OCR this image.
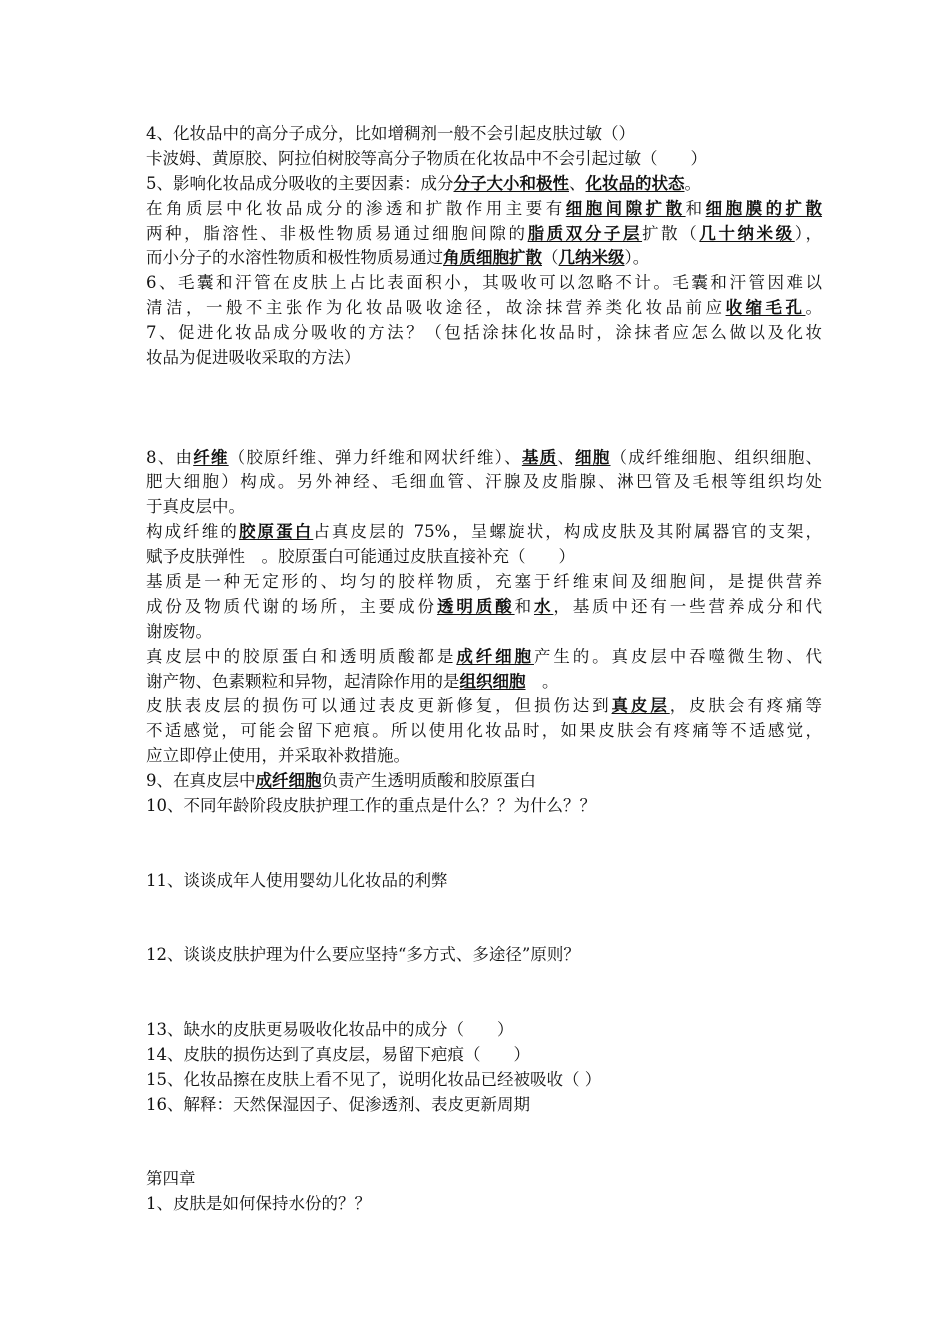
4、化妆品中的高分子成分，比如增稠剂一般不会引起皮肤过敏（）
卡波姆、黄原胶、阿拉伯树胶等高分子物质在化妆品中不会引起过敏（　　）
5、影响化妆品成分吸收的主要因素：成分分子大小和极性、化妆品的状态。
在角质层中化妆品成分的渗透和扩散作用主要有细胞间隙扩散和细胞膜的扩散
两种，脂溶性、非极性物质易通过细胞间隙的脂质双分子层扩散（几十纳米级），
而小分子的水溶性物质和极性物质易通过角质细胞扩散（几纳米级）。
6、毛囊和汗管在皮肤上占比表面积小，其吸收可以忽略不计。毛囊和汗管因难以
清洁，一般不主张作为化妆品吸收途径，故涂抹营养类化妆品前应收缩毛孔。
7、促进化妆品成分吸收的方法？（包括涂抹化妆品时，涂抹者应怎么做以及化妆
妆品为促进吸收采取的方法）
8、由纤维（胶原纤维、弹力纤维和网状纤维）、基质、细胞（成纤维细胞、组织细胞、
肥大细胞）构成。另外神经、毛细血管、汗腺及皮脂腺、淋巴管及毛根等组织均处
于真皮层中。
构成纤维的胶原蛋白占真皮层的 75%，呈螺旋状，构成皮肤及其附属器官的支架，
赋予皮肤弹性　。胶原蛋白可能通过皮肤直接补充（　　）
基质是一种无定形的、均匀的胶样物质，充塞于纤维束间及细胞间，是提供营养
成份及物质代谢的场所，主要成份透明质酸和水，基质中还有一些营养成分和代
谢废物。
真皮层中的胶原蛋白和透明质酸都是成纤细胞产生的。真皮层中吞噬微生物、代
谢产物、色素颗粒和异物，起清除作用的是组织细胞　。
皮肤表皮层的损伤可以通过表皮更新修复，但损伤达到真皮层，皮肤会有疼痛等
不适感觉，可能会留下疤痕。所以使用化妆品时，如果皮肤会有疼痛等不适感觉，
应立即停止使用，并采取补救措施。
9、在真皮层中成纤细胞负责产生透明质酸和胶原蛋白
10、不同年龄阶段皮肤护理工作的重点是什么？？为什么？？
11、谈谈成年人使用婴幼儿化妆品的利弊
12、谈谈皮肤护理为什么要应坚持“多方式、多途径”原则？
13、缺水的皮肤更易吸收化妆品中的成分（　　）
14、皮肤的损伤达到了真皮层，易留下疤痕（　　）
15、化妆品擦在皮肤上看不见了，说明化妆品已经被吸收（ ）
16、解释：天然保湿因子、促渗透剂、表皮更新周期
第四章
1、皮肤是如何保持水份的？？
